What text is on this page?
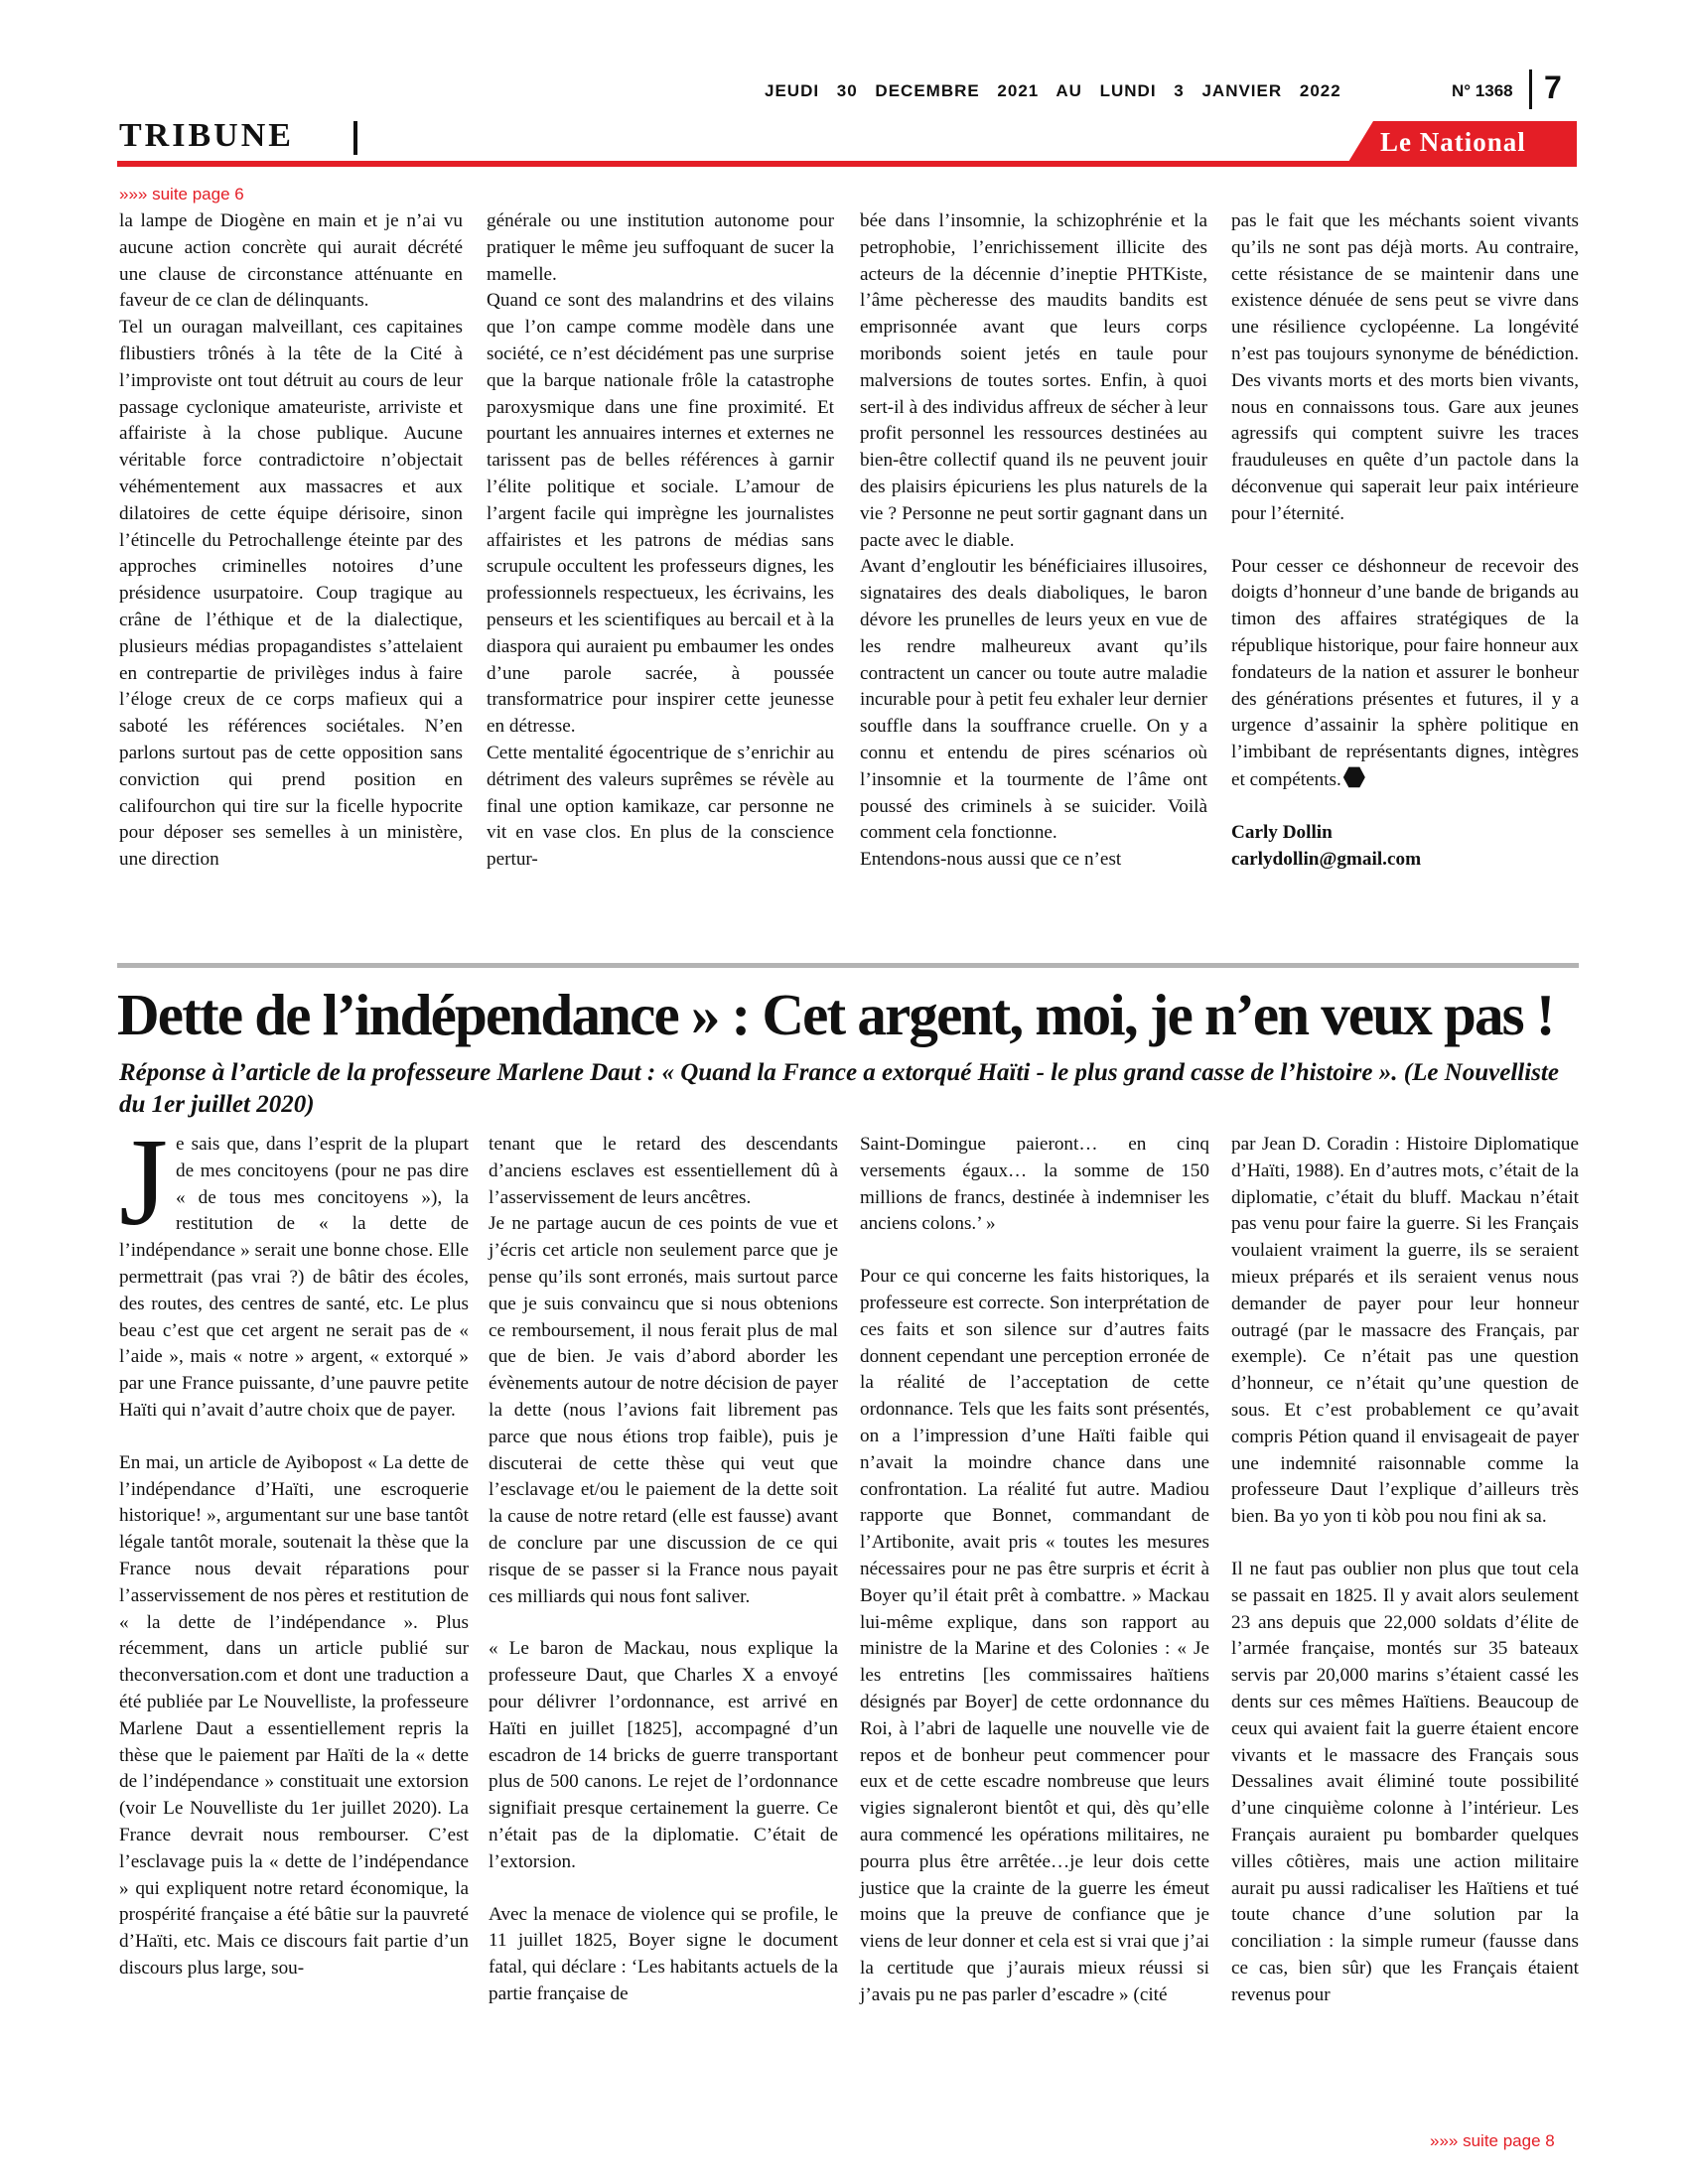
JEUDI 30 DECEMBRE 2021 AU LUNDI 3 JANVIER 2022	N° 1368 7
TRIBUNE	Le National
»»» suite page 6

la lampe de Diogène en main et je n’ai vu aucune action concrète qui aurait décrété une clause de circonstance atténuante en faveur de ce clan de délinquants.

Tel un ouragan malveillant, ces capitaines flibustiers trônés à la tête de la Cité à l’improviste ont tout détruit au cours de leur passage cyclonique amateuriste, arriviste et affairiste à la chose publique. Aucune véritable force contradictoire n’objectait véhémentement aux massacres et aux dilatoires de cette équipe dérisoire, sinon l’étincelle du Petrochallenge éteinte par des approches criminelles notoires d’une présidence usurpatoire. Coup tragique au crâne de l’éthique et de la dialectique, plusieurs médias propagandistes s’attelaient en contrepartie de privilèges indus à faire l’éloge creux de ce corps mafieux qui a saboté les références sociétales. N’en parlons surtout pas de cette opposition sans conviction qui prend position en califourchon qui tire sur la ficelle hypocrite pour déposer ses semelles à un ministère, une direction

générale ou une institution autonome pour pratiquer le même jeu suffoquant de sucer la mamelle.

Quand ce sont des malandrins et des vilains que l’on campe comme modèle dans une société, ce n’est décidément pas une surprise que la barque nationale frôle la catastrophe paroxysmique dans une fine proximité. Et pourtant les annuaires internes et externes ne tarissent pas de belles références à garnir l’élite politique et sociale. L’amour de l’argent facile qui imprègne les journalistes affairistes et les patrons de médias sans scrupule occultent les professeurs dignes, les professionnels respectueux, les écrivains, les penseurs et les scientifiques au bercail et à la diaspora qui auraient pu embaumer les ondes d’une parole sacrée, à poussée transformatrice pour inspirer cette jeunesse en détresse.

Cette mentalité égocentrique de s’enrichir au détriment des valeurs suprêmes se révèle au final une option kamikaze, car personne ne vit en vase clos. En plus de la conscience pertur-

bée dans l’insomnie, la schizophrénie et la petrophobie, l’enrichissement illicite des acteurs de la décennie d’ineptie PHTKiste, l’âme pècheresse des maudits bandits est emprisonnée avant que leurs corps moribonds soient jetés en taule pour malversions de toutes sortes. Enfin, à quoi sert-il à des individus affreux de sécher à leur profit personnel les ressources destinées au bien-être collectif quand ils ne peuvent jouir des plaisirs épicuriens les plus naturels de la vie ? Personne ne peut sortir gagnant dans un pacte avec le diable.

Avant d’engloutir les bénéficiaires illusoires, signataires des deals diaboliques, le baron dévore les prunelles de leurs yeux en vue de les rendre malheureux avant qu’ils contractent un cancer ou toute autre maladie incurable pour à petit feu exhaler leur dernier souffle dans la souffrance cruelle. On y a connu et entendu de pires scénarios où l’insomnie et la tourmente de l’âme ont poussé des criminels à se suicider. Voilà comment cela fonctionne.

Entendons-nous aussi que ce n’est

pas le fait que les méchants soient vivants qu’ils ne sont pas déjà morts. Au contraire, cette résistance de se maintenir dans une existence dénuée de sens peut se vivre dans une résilience cyclopéenne. La longévité n’est pas toujours synonyme de bénédiction. Des vivants morts et des morts bien vivants, nous en connaissons tous. Gare aux jeunes agressifs qui comptent suivre les traces frauduleuses en quête d’un pactole dans la déconvenue qui saperait leur paix intérieure pour l’éternité.

Pour cesser ce déshonneur de recevoir des doigts d’honneur d’une bande de brigands au timon des affaires stratégiques de la république historique, pour faire honneur aux fondateurs de la nation et assurer le bonheur des générations présentes et futures, il y a urgence d’assainir la sphère politique en l’imbibant de représentants dignes, intègres et compétents.

Carly Dollin

carlydollin@gmail.com

Dette de l’indépendance » : Cet argent, moi, je n’en veux pas !
Réponse à l’article de la professeure Marlene Daut : « Quand la France a extorqué Haïti - le plus grand casse de l’histoire ». (Le Nouvelliste du 1er juillet 2020)

Je sais que, dans l’esprit de la plupart de mes concitoyens (pour ne pas dire « de tous mes concitoyens »), la restitution de « la dette de l’indépendance » serait une bonne chose. Elle permettrait (pas vrai ?) de bâtir des écoles, des routes, des centres de santé, etc. Le plus beau c’est que cet argent ne serait pas de « l’aide », mais « notre » argent, « extorqué » par une France puissante, d’une pauvre petite Haïti qui n’avait d’autre choix que de payer.

En mai, un article de Ayibopost « La dette de l’indépendance d’Haïti, une escroquerie historique! », argumentant sur une base tantôt légale tantôt morale, soutenait la thèse que la France nous devait réparations pour l’asservissement de nos pères et restitution de « la dette de l’indépendance ». Plus récemment, dans un article publié sur theconversation.com et dont une traduction a été publiée par Le Nouvelliste, la professeure Marlene Daut a essentiellement repris la thèse que le paiement par Haïti de la « dette de l’indépendance » constituait une extorsion (voir Le Nouvelliste du 1er juillet 2020). La France devrait nous rembourser. C’est l’esclavage puis la « dette de l’indépendance » qui expliquent notre retard économique, la prospérité française a été bâtie sur la pauvreté d’Haïti, etc. Mais ce discours fait partie d’un discours plus large, sou-

tenant que le retard des descendants d’anciens esclaves est essentiellement dû à l’asservissement de leurs ancêtres.

Je ne partage aucun de ces points de vue et j’écris cet article non seulement parce que je pense qu’ils sont erronés, mais surtout parce que je suis convaincu que si nous obtenions ce remboursement, il nous ferait plus de mal que de bien. Je vais d’abord aborder les évènements autour de notre décision de payer la dette (nous l’avions fait librement pas parce que nous étions trop faible), puis je discuterai de cette thèse qui veut que l’esclavage et/ou le paiement de la dette soit la cause de notre retard (elle est fausse) avant de conclure par une discussion de ce qui risque de se passer si la France nous payait ces milliards qui nous font saliver.

« Le baron de Mackau, nous explique la professeure Daut, que Charles X a envoyé pour délivrer l’ordonnance, est arrivé en Haïti en juillet [1825], accompagné d’un escadron de 14 bricks de guerre transportant plus de 500 canons. Le rejet de l’ordonnance signifiait presque certainement la guerre. Ce n’était pas de la diplomatie. C’était de l’extorsion.

Avec la menace de violence qui se profile, le 11 juillet 1825, Boyer signe le document fatal, qui déclare : ‘Les habitants actuels de la partie française de

Saint-Domingue paieront… en cinq versements égaux… la somme de 150 millions de francs, destinée à indemniser les anciens colons.’ »

Pour ce qui concerne les faits historiques, la professeure est correcte. Son interprétation de ces faits et son silence sur d’autres faits donnent cependant une perception erronée de la réalité de l’acceptation de cette ordonnance. Tels que les faits sont présentés, on a l’impression d’une Haïti faible qui n’avait la moindre chance dans une confrontation. La réalité fut autre. Madiou rapporte que Bonnet, commandant de l’Artibonite, avait pris « toutes les mesures nécessaires pour ne pas être surpris et écrit à Boyer qu’il était prêt à combattre. » Mackau lui-même explique, dans son rapport au ministre de la Marine et des Colonies : « Je les entretins [les commissaires haïtiens désignés par Boyer] de cette ordonnance du Roi, à l’abri de laquelle une nouvelle vie de repos et de bonheur peut commencer pour eux et de cette escadre nombreuse que leurs vigies signaleront bientôt et qui, dès qu’elle aura commencé les opérations militaires, ne pourra plus être arrêtée…je leur dois cette justice que la crainte de la guerre les émeut moins que la preuve de confiance que je viens de leur donner et cela est si vrai que j’ai la certitude que j’aurais mieux réussi si j’avais pu ne pas parler d’escadre » (cité

par Jean D. Coradin : Histoire Diplomatique d’Haïti, 1988). En d’autres mots, c’était de la diplomatie, c’était du bluff. Mackau n’était pas venu pour faire la guerre. Si les Français voulaient vraiment la guerre, ils se seraient mieux préparés et ils seraient venus nous demander de payer pour leur honneur outragé (par le massacre des Français, par exemple). Ce n’était pas une question d’honneur, ce n’était qu’une question de sous. Et c’est probablement ce qu’avait compris Pétion quand il envisageait de payer une indemnité raisonnable comme la professeure Daut l’explique d’ailleurs très bien. Ba yo yon ti kòb pou nou fini ak sa.

Il ne faut pas oublier non plus que tout cela se passait en 1825. Il y avait alors seulement 23 ans depuis que 22,000 soldats d’élite de l’armée française, montés sur 35 bateaux servis par 20,000 marins s’étaient cassé les dents sur ces mêmes Haïtiens. Beaucoup de ceux qui avaient fait la guerre étaient encore vivants et le massacre des Français sous Dessalines avait éliminé toute possibilité d’une cinquième colonne à l’intérieur. Les Français auraient pu bombarder quelques villes côtières, mais une action militaire aurait pu aussi radicaliser les Haïtiens et tué toute chance d’une solution par la conciliation : la simple rumeur (fausse dans ce cas, bien sûr) que les Français étaient revenus pour

»»» suite page 8
